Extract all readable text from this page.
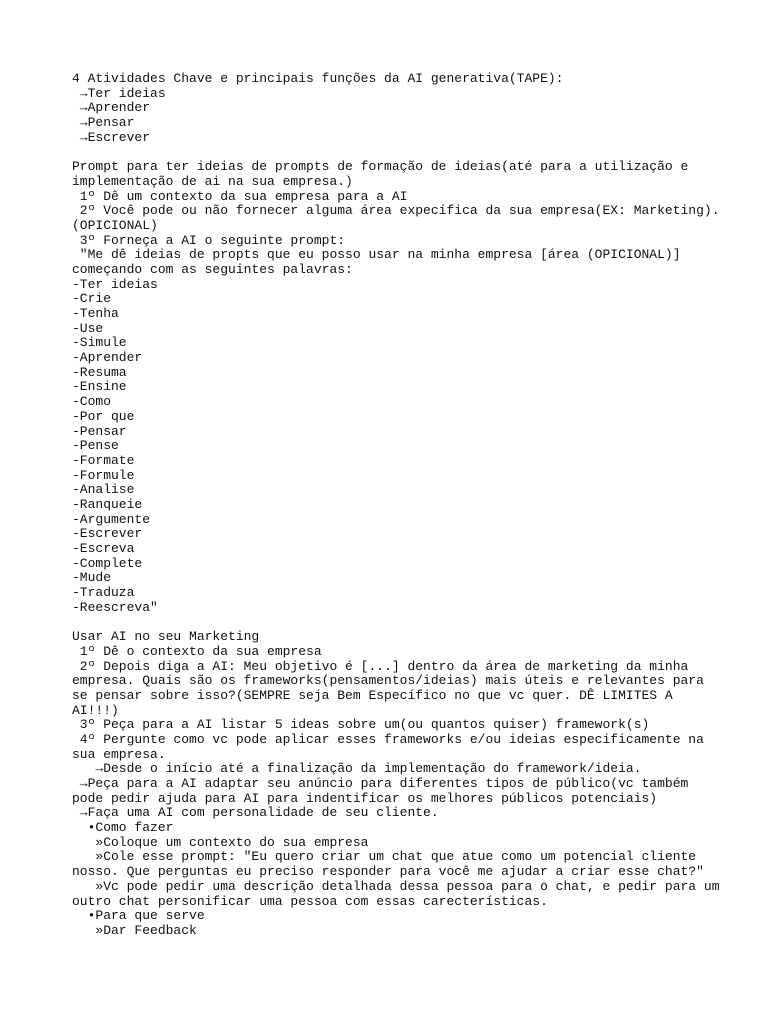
4 Atividades Chave e principais funções da AI generativa(TAPE):
→Ter ideias
→Aprender
→Pensar
→Escrever
Prompt para ter ideias de prompts de formação de ideias(até para a utilização e
implementação de ai na sua empresa.)
1º Dê um contexto da sua empresa para a AI
2º Você pode ou não fornecer alguma área expecífica da sua empresa(EX: Marketing).
(OPICIONAL)
3º Forneça a AI o seguinte prompt:
"Me dê ideias de propts que eu posso usar na minha empresa [área (OPICIONAL)]
começando com as seguintes palavras:
-Ter ideias
-Crie
-Tenha
-Use
-Simule
-Aprender
-Resuma
-Ensine
-Como
-Por que
-Pensar
-Pense
-Formate
-Formule
-Analise
-Ranqueie
-Argumente
-Escrever
-Escreva
-Complete
-Mude
-Traduza
-Reescreva"
Usar AI no seu Marketing
1º Dê o contexto da sua empresa
2º Depois diga a AI: Meu objetivo é [...] dentro da área de marketing da minha
empresa. Quais são os frameworks(pensamentos/ideias) mais úteis e relevantes para
se pensar sobre isso?(SEMPRE seja Bem Específico no que vc quer. DÊ LIMITES A
AI!!!)
3º Peça para a AI listar 5 ideas sobre um(ou quantos quiser) framework(s)
4º Pergunte como vc pode aplicar esses frameworks e/ou ideias especificamente na
sua empresa.
→Desde o início até a finalização da implementação do framework/ideia.
→Peça para a AI adaptar seu anúncio para diferentes tipos de público(vc também
pode pedir ajuda para AI para indentificar os melhores públicos potenciais)
→Faça uma AI com personalidade de seu cliente.
•Como fazer
»Coloque um contexto do sua empresa
»Cole esse prompt: "Eu quero criar um chat que atue como um potencial cliente
nosso. Que perguntas eu preciso responder para você me ajudar a criar esse chat?"
»Vc pode pedir uma descrição detalhada dessa pessoa para o chat, e pedir para um
outro chat personificar uma pessoa com essas carecterísticas.
•Para que serve
»Dar Feedback
